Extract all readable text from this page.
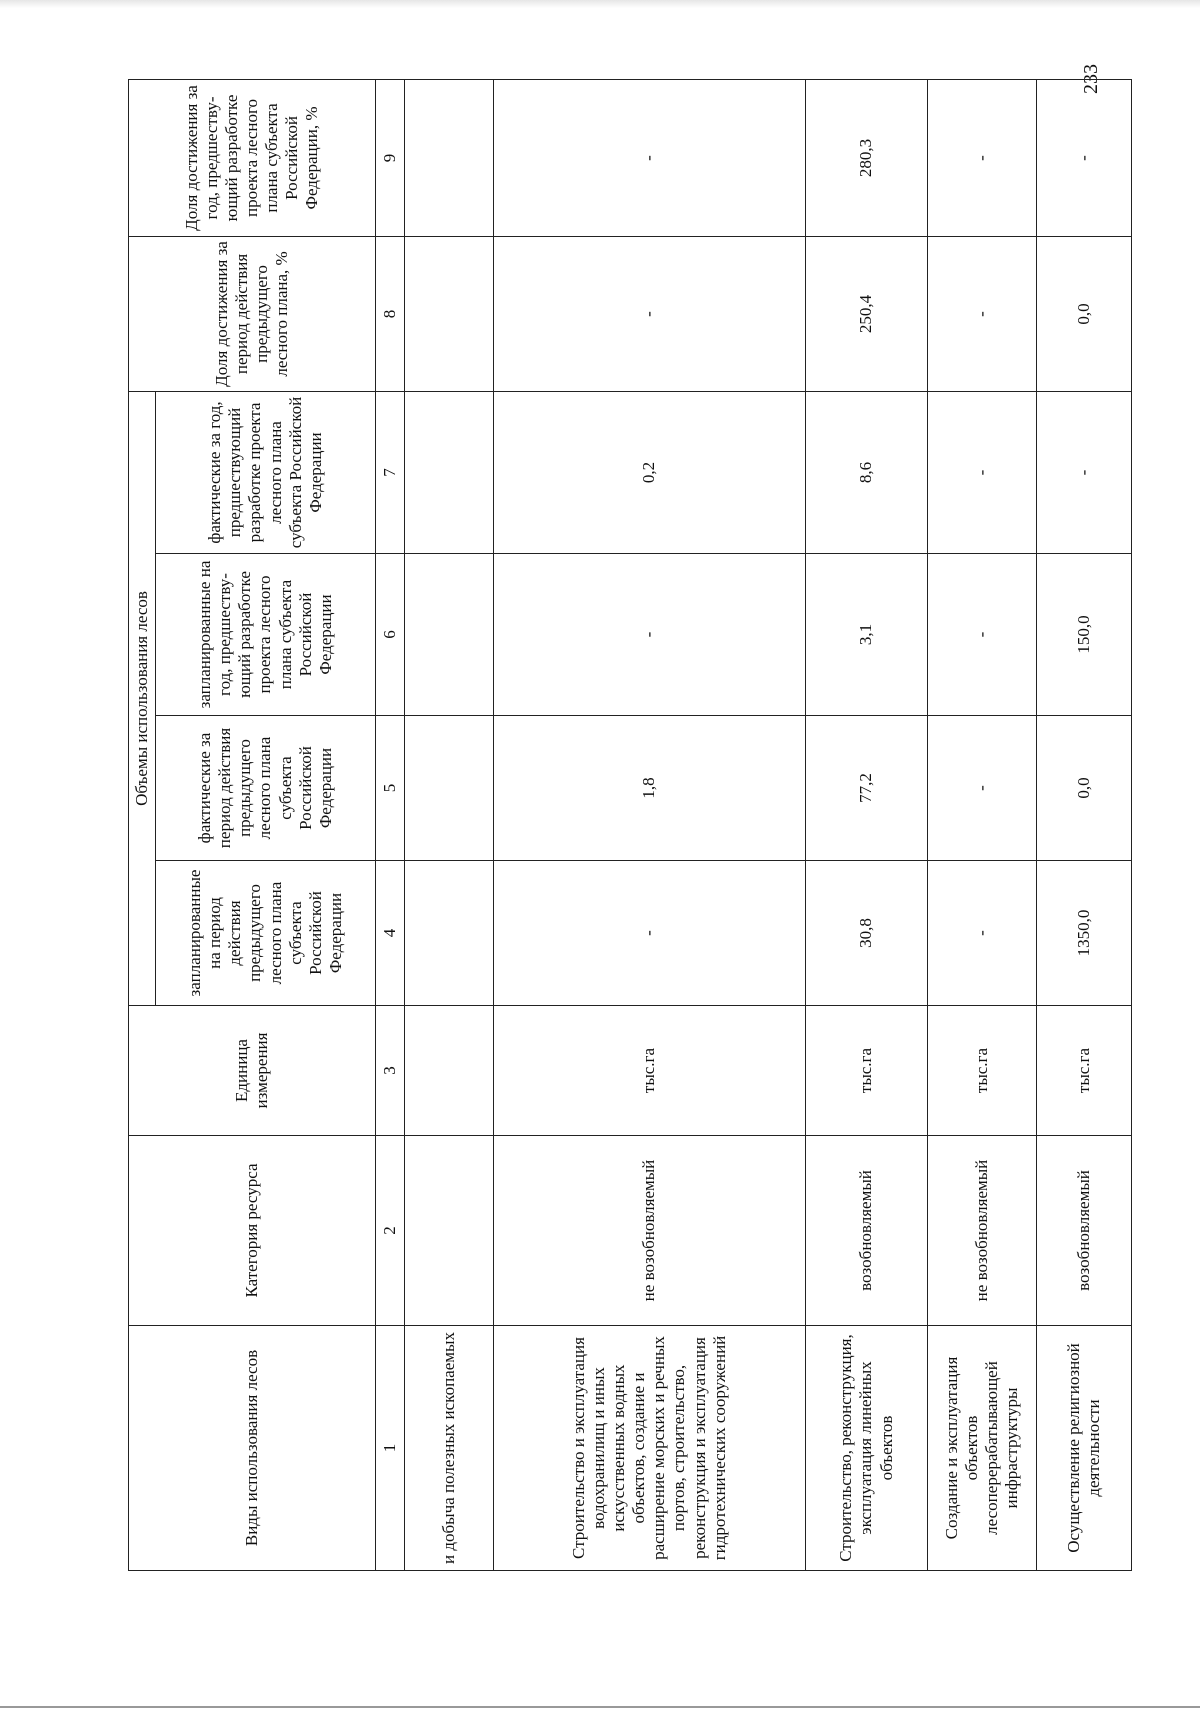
233
Виды использования лесов	Категория ресурса	Единица измерения	Объемы использования лесов				Доля достижения за период действия предыдущего лесного плана, %	Доля достижения за год, предшеству-ющий разработке проекта лесного плана субъекта Российской Федерации, %
			запланированные на период действия предыдущего лесного плана субъекта Российской Федерации	фактические за период действия предыдущего лесного плана субъекта Российской Федерации	запланированные на год, предшеству-ющий разработке проекта лесного плана субъекта Российской Федерации	фактические за год, предшествующий разработке проекта лесного плана субъекта Российской Федерации		
1	2	3	4	5	6	7	8	9
и добыча полезных ископаемых								
Строительство и эксплуатация водохранилищ и иных искусственных водных объектов, создание и расширение морских и речных портов, строительство, реконструкция и эксплуатация гидротехнических сооружений	не возобновляемый	тыс.га	-	1,8	-	0,2	-	-
Строительство, реконструкция, эксплуатация линейных объектов	возобновляемый	тыс.га	30,8	77,2	3,1	8,6	250,4	280,3
Создание и эксплуатация объектов лесоперерабатывающей инфраструктуры	не возобновляемый	тыс.га	-	-	-	-	-	-
Осуществление религиозной деятельности	возобновляемый	тыс.га	1350,0	0,0	150,0	-	0,0	-
